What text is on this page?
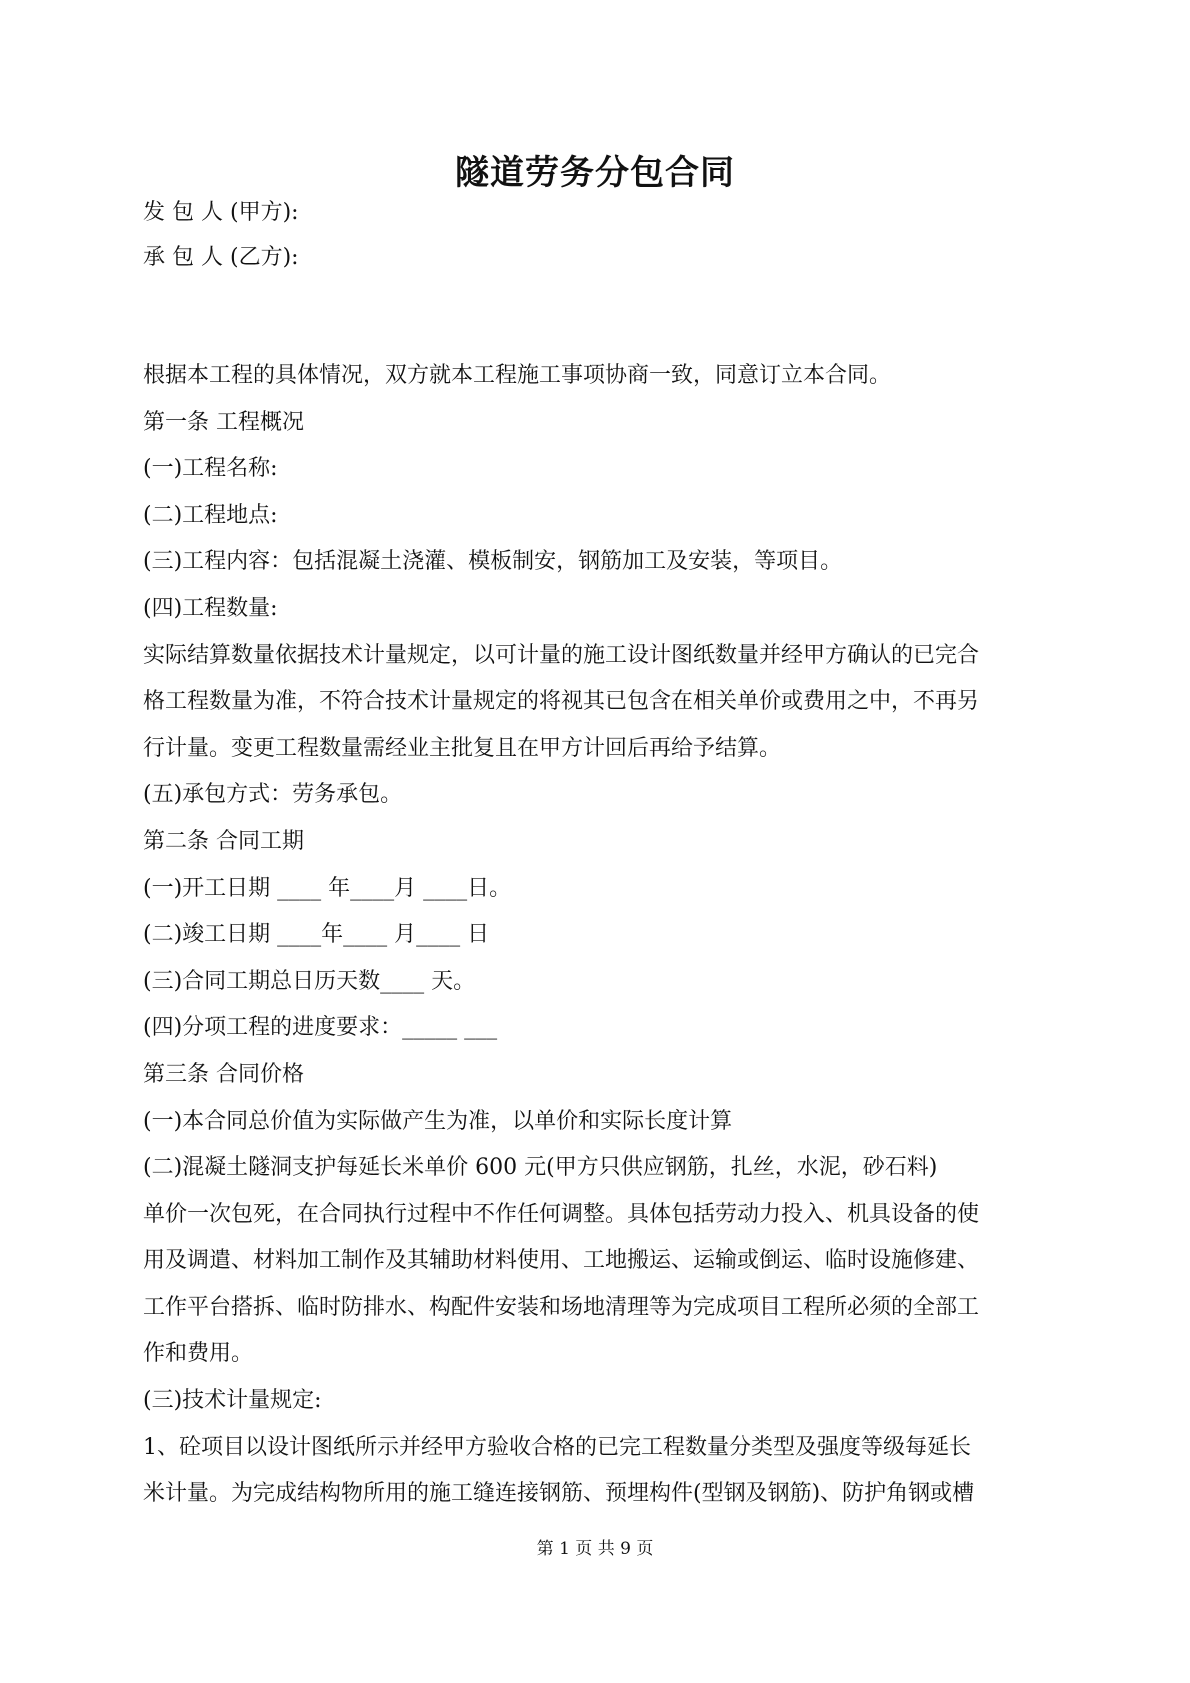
隧道劳务分包合同
发 包 人 (甲方):
承 包 人 (乙方):
根据本工程的具体情况，双方就本工程施工事项协商一致，同意订立本合同。
第一条 工程概况
(一)工程名称:
(二)工程地点:
(三)工程内容：包括混凝土浇灌、模板制安，钢筋加工及安装，等项目。
(四)工程数量:
实际结算数量依据技术计量规定，以可计量的施工设计图纸数量并经甲方确认的已完合
格工程数量为准，不符合技术计量规定的将视其已包含在相关单价或费用之中，不再另
行计量。变更工程数量需经业主批复且在甲方计回后再给予结算。
(五)承包方式：劳务承包。
第二条 合同工期
(一)开工日期 ____ 年____月 ____日。
(二)竣工日期 ____年____ 月____ 日
(三)合同工期总日历天数____ 天。
(四)分项工程的进度要求：_____ ___
第三条 合同价格
(一)本合同总价值为实际做产生为准，以单价和实际长度计算
(二)混凝土隧洞支护每延长米单价 600 元(甲方只供应钢筋，扎丝，水泥，砂石料)
单价一次包死，在合同执行过程中不作任何调整。具体包括劳动力投入、机具设备的使
用及调遣、材料加工制作及其辅助材料使用、工地搬运、运输或倒运、临时设施修建、
工作平台搭拆、临时防排水、构配件安装和场地清理等为完成项目工程所必须的全部工
作和费用。
(三)技术计量规定:
1、砼项目以设计图纸所示并经甲方验收合格的已完工程数量分类型及强度等级每延长
米计量。为完成结构物所用的施工缝连接钢筋、预埋构件(型钢及钢筋)、防护角钢或槽
第 1 页 共 9 页
